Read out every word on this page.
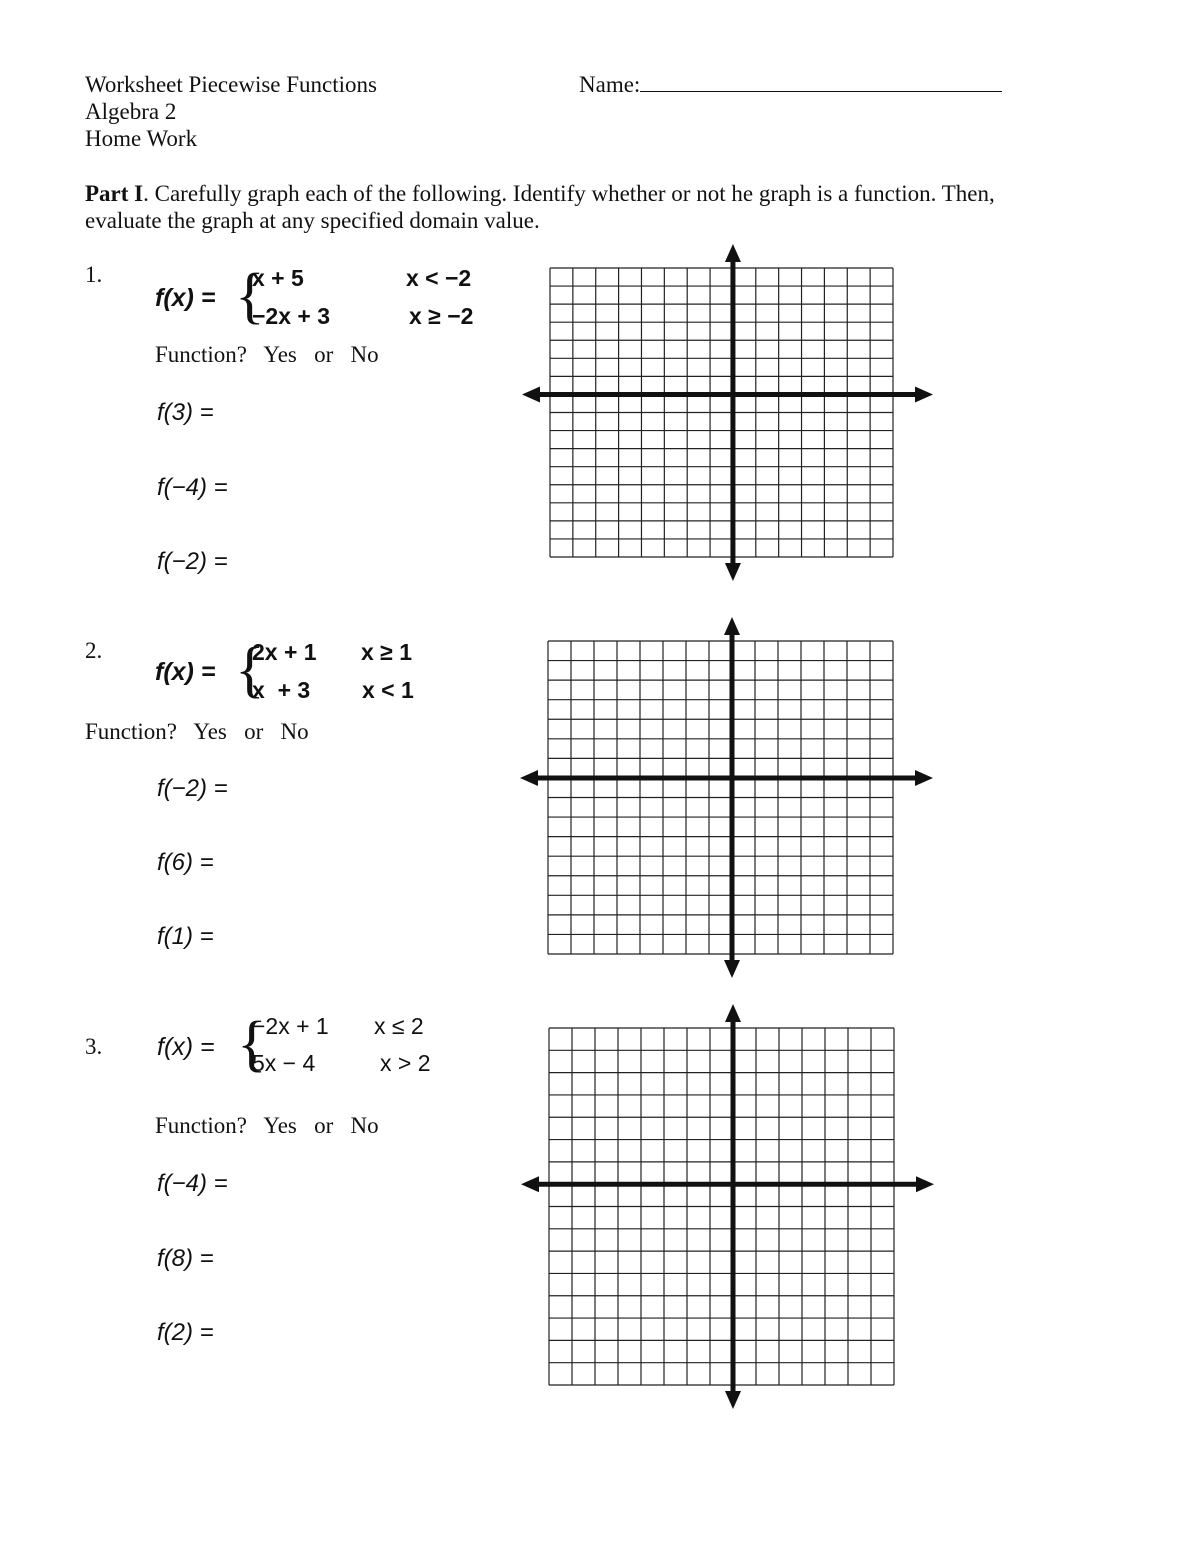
Worksheet Piecewise Functions
Algebra 2
Home Work
Name:
Part I. Carefully graph each of the following. Identify whether or not he graph is a function. Then,
evaluate the graph at any specified domain value.
1.
f(x) = {
x + 5	x < −2
−2x + 3	x ≥ −2
Function? Yes or No
f(3) =
f(−4) =
f(−2) =
2.
f(x) = {
2x + 1 x ≥ 1
x  + 3 x < 1
Function? Yes or No
f(−2) =
f(6) =
f(1) =
3. f(x) = {
−2x + 1 x ≤ 2
5x − 4	x > 2
Function? Yes or No
f(−4) =
f(8) =
f(2) =
